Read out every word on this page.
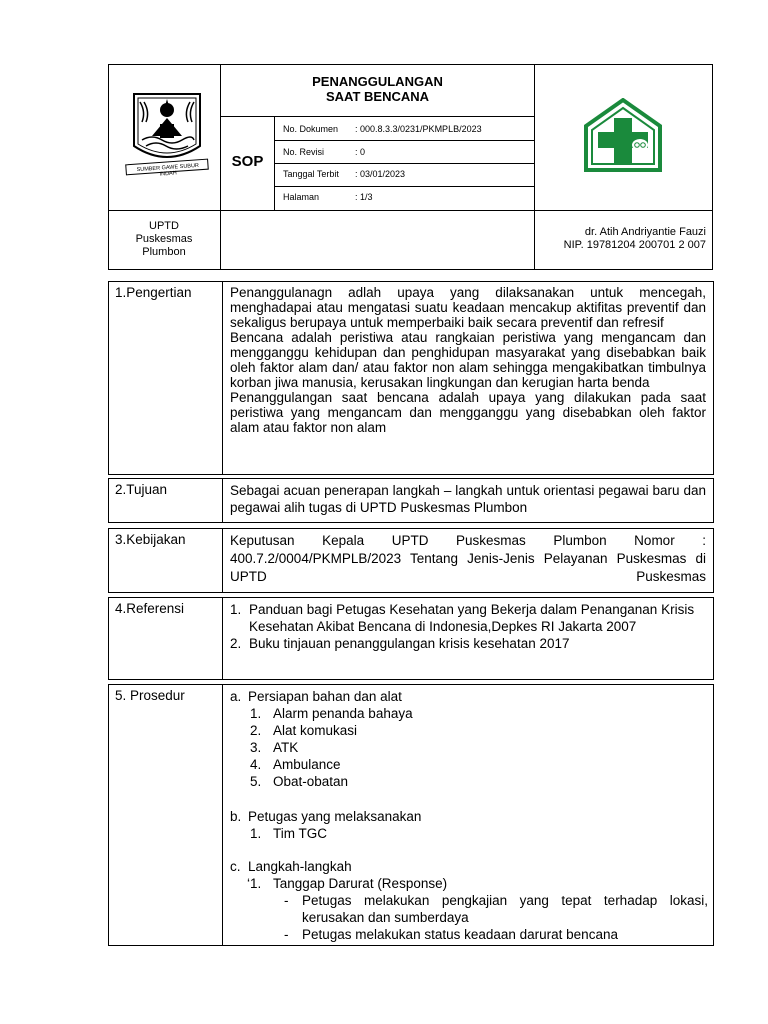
SUMBER GAWE SUBUR INDAH
PENANGGULANGAN
SAAT BENCANA
SOP
No. Dokumen : 000.8.3.3/0231/PKMPLB/2023
No. Revisi	: 0
Tanggal Terbit : 03/01/2023
Halaman	: 1/3
UPTD
Puskesmas
Plumbon
dr. Atih Andriyantie Fauzi
NIP. 19781204 200701 2 007
1.Pengertian	Penanggulanagn adlah upaya yang dilaksanakan untuk mencegah, menghadapai atau mengatasi suatu keadaan mencakup aktifitas preventif dan sekaligus berupaya untuk memperbaiki baik secara preventif dan refresif

Bencana adalah peristiwa atau rangkaian peristiwa yang mengancam dan mengganggu kehidupan dan penghidupan masyarakat yang disebabkan baik oleh faktor alam dan/ atau faktor non alam sehingga mengakibatkan timbulnya korban jiwa manusia, kerusakan lingkungan dan kerugian harta benda

Penanggulangan saat bencana adalah upaya yang dilakukan pada saat peristiwa yang mengancam dan mengganggu yang disebabkan oleh faktor alam atau faktor non alam

2.Tujuan	Sebagai acuan penerapan langkah – langkah untuk orientasi pegawai baru dan pegawai alih tugas di UPTD Puskesmas Plumbon
3.Kebijakan	Keputusan Kepala UPTD Puskesmas Plumbon Nomor : 400.7.2/0004/PKMPLB/2023 Tentang Jenis-Jenis Pelayanan Puskesmas di UPTD Puskesmas
4.Referensi	1. Panduan bagi Petugas Kesehatan yang Bekerja dalam Penanganan Krisis Kesehatan Akibat Bencana di Indonesia,Depkes RI Jakarta 2007
2. Buku tinjauan penanggulangan krisis kesehatan 2017
5. Prosedur	a. Persiapan bahan dan alat
1. Alarm penanda bahaya
2. Alat komukasi
3. ATK
4. Ambulance
5. Obat-obatan
b. Petugas yang melaksanakan
1. Tim TGC
c. Langkah-langkah
‘1. Tanggap Darurat (Response)
-	Petugas melakukan pengkajian yang tepat terhadap lokasi, kerusakan dan sumberdaya
-	Petugas melakukan status keadaan darurat bencana
